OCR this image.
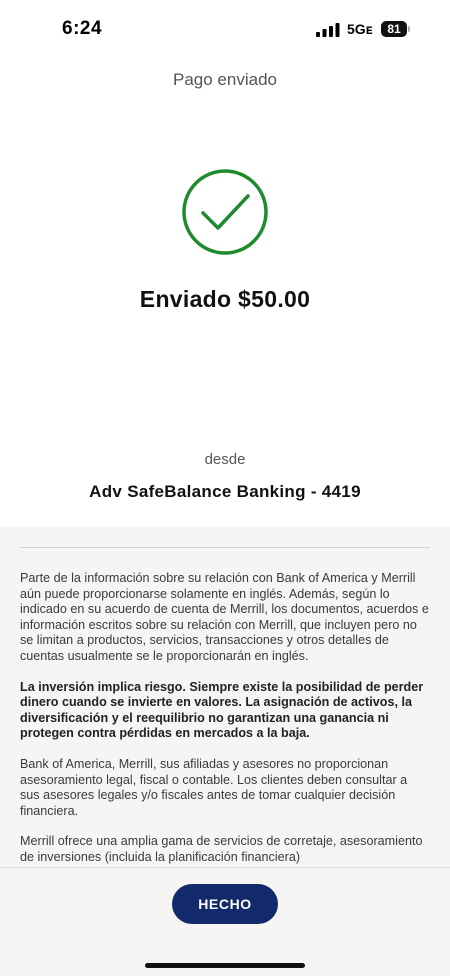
6:24	5Gᴇ	81
Pago enviado
Enviado $50.00
desde
Adv SafeBalance Banking - 4419

Parte de la información sobre su relación con Bank of America y Merrill aún puede proporcionarse solamente en inglés. Además, según lo indicado en su acuerdo de cuenta de Merrill, los documentos, acuerdos e información escritos sobre su relación con Merrill, que incluyen pero no se limitan a productos, servicios, transacciones y otros detalles de cuentas usualmente se le proporcionarán en inglés.

La inversión implica riesgo. Siempre existe la posibilidad de perder dinero cuando se invierte en valores. La asignación de activos, la diversificación y el reequilibrio no garantizan una ganancia ni protegen contra pérdidas en mercados a la baja.

Bank of America, Merrill, sus afiliadas y asesores no proporcionan asesoramiento legal, fiscal o contable. Los clientes deben consultar a sus asesores legales y/o fiscales antes de tomar cualquier decisión financiera.

Merrill ofrece una amplia gama de servicios de corretaje, asesoramiento de inversiones (incluida la planificación financiera)

HECHO
